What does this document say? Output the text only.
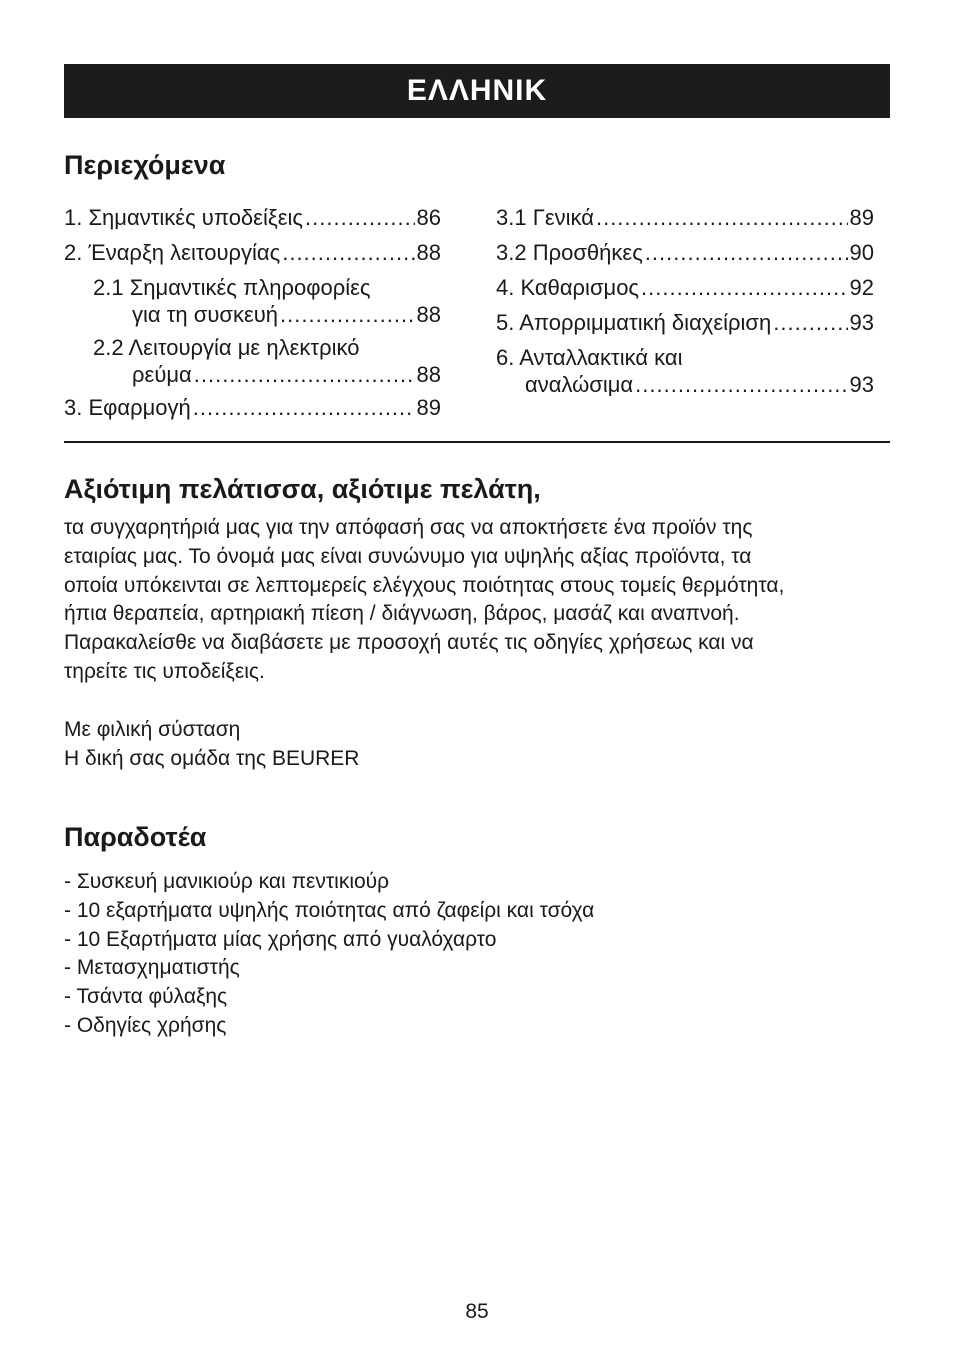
ΕΛΛΗΝΙΚ
Περιεχόμενα
1. Σημαντικές υποδείξεις .....	86
2. Έναρξη λειτουργίας .....	88
2.1 Σημαντικές πληροφορίες
για τη συσκευή .....	88
2.2 Λειτουργία με ηλεκτρικό
ρεύμα .....	88
3. Εφαρμογή .....	89
3.1 Γενικά .....	89
3.2 Προσθήκες .....	90
4. Καθαρισμος .....	92
5. Απορριμματική διαχείριση .....	93
6. Ανταλλακτικά και
αναλώσιμα .....	93
Αξιότιμη πελάτισσα, αξιότιμε πελάτη,
τα συγχαρητήριά μας για την απόφασή σας να αποκτήσετε ένα προϊόν της
εταιρίας μας. Το όνομά μας είναι συνώνυμο για υψηλής αξίας προϊόντα, τα
οποία υπόκεινται σε λεπτομερείς ελέγχους ποιότητας στους τομείς θερμότητα,
ήπια θεραπεία, αρτηριακή πίεση / διάγνωση, βάρος, μασάζ και αναπνοή.
Παρακαλείσθε να διαβάσετε με προσοχή αυτές τις οδηγίες χρήσεως και να
τηρείτε τις υποδείξεις.
Με φιλική σύσταση
Η δική σας ομάδα της BEURER
Παραδοτέα
- Συσκευή μανικιούρ και πεντικιούρ
- 10 εξαρτήματα υψηλής ποιότητας από ζαφείρι και τσόχα
- 10 Εξαρτήματα μίας χρήσης από γυαλόχαρτο
- Μετασχηματιστής
- Τσάντα φύλαξης
- Οδηγίες χρήσης
85
